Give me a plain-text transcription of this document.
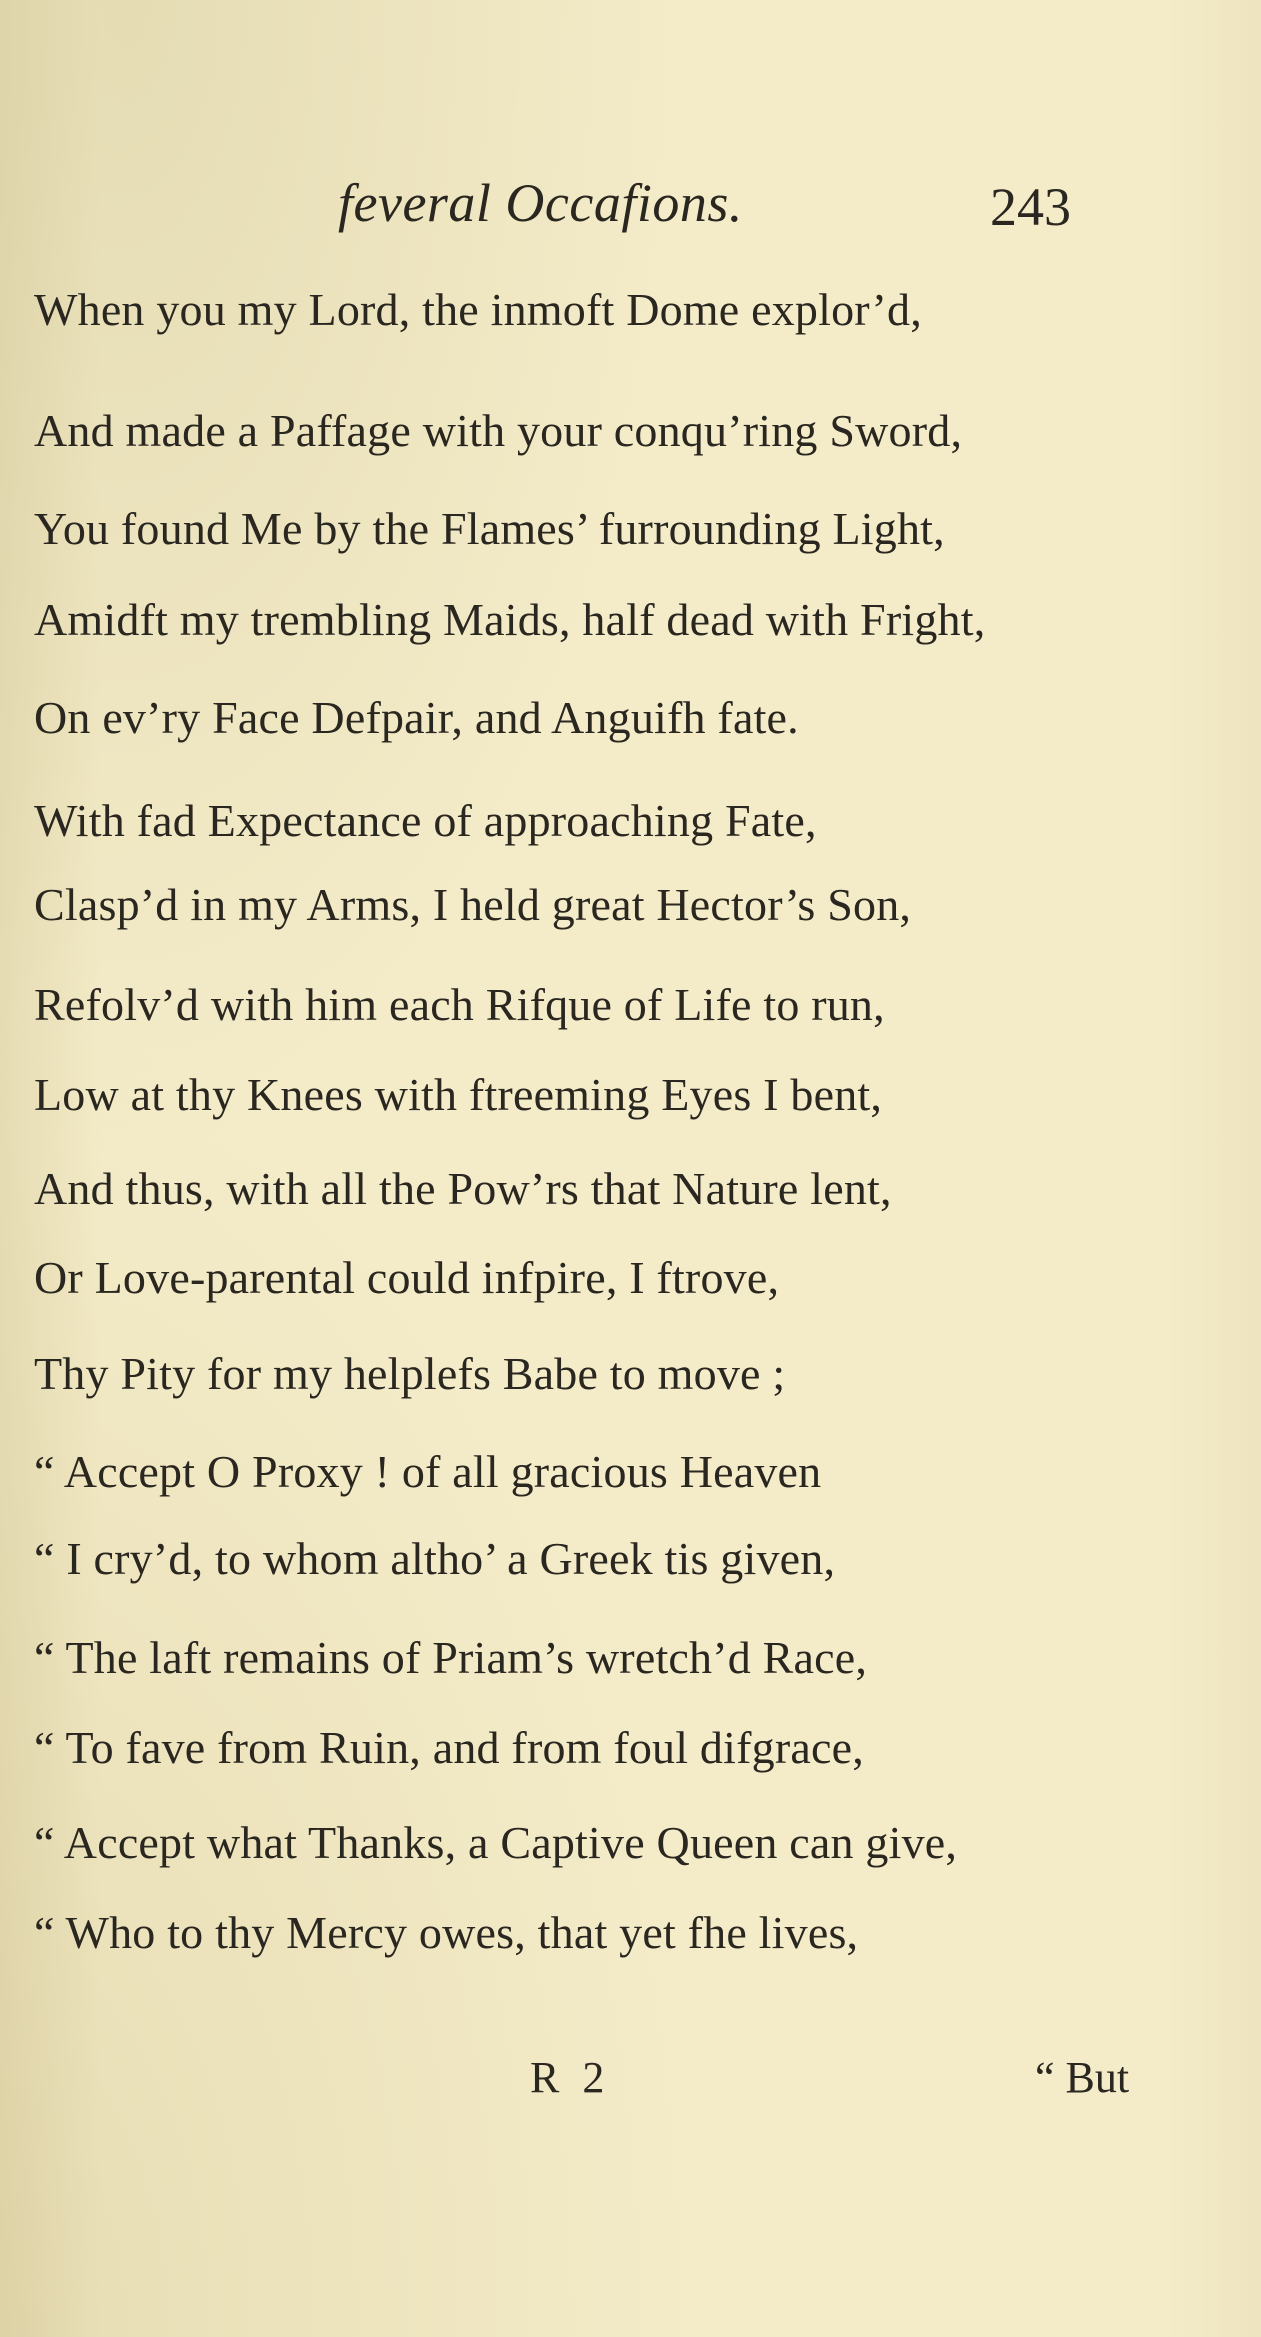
feveral Occafions.	243
When you my Lord, the inmoft Dome explor’d,
And made a Paffage with your conqu’ring Sword,
You found Me by the Flames’ furrounding Light,
Amidft my trembling Maids, half dead with Fright,
On ev’ry Face Defpair, and Anguifh fate.
With fad Expectance of approaching Fate,
Clasp’d in my Arms, I held great Hector’s Son,
Refolv’d with him each Rifque of Life to run,
Low at thy Knees with ftreeming Eyes I bent,
And thus, with all the Pow’rs that Nature lent,
Or Love-parental could infpire, I ftrove,
Thy Pity for my helplefs Babe to move ;
“ Accept O Proxy ! of all gracious Heaven
“ I cry’d, to whom altho’ a Greek tis given,
“ The laft remains of Priam’s wretch’d Race,
“ To fave from Ruin, and from foul difgrace,
“ Accept what Thanks, a Captive Queen can give,
“ Who to thy Mercy owes, that yet fhe lives,
R 2	“ But
